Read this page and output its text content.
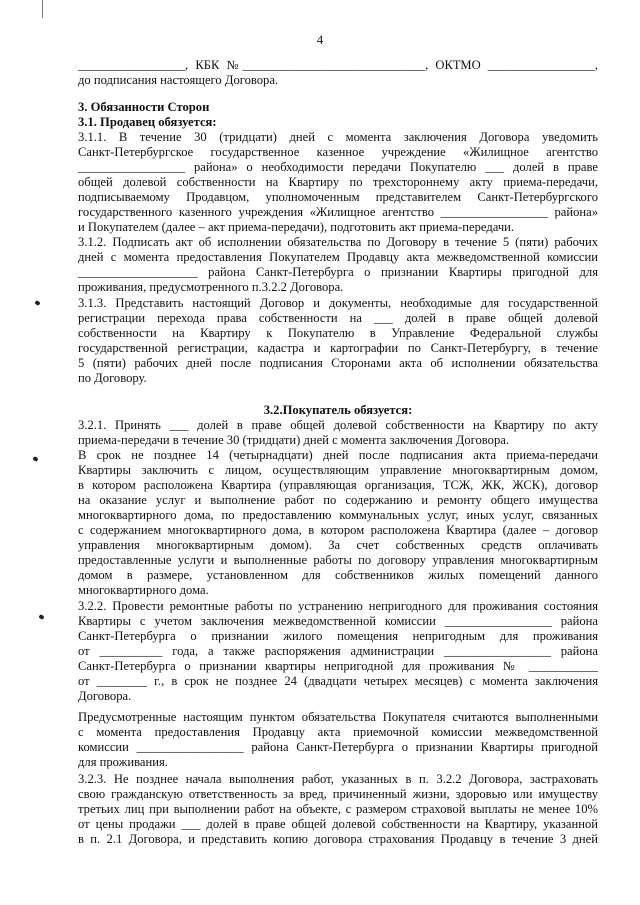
4
_________________, КБК №_____________________________, ОКТМО _________________,
до подписания настоящего Договора.
3. Обязанности Сторон
3.1. Продавец обязуется:
3.1.1. В течение 30 (тридцати) дней с момента заключения Договора уведомить
Санкт-Петербургское государственное казенное учреждение «Жилищное агентство
_________________ района» о необходимости передачи Покупателю ___ долей в праве
общей долевой собственности на Квартиру по трехстороннему акту приема-передачи,
подписываемому Продавцом, уполномоченным представителем Санкт-Петербургского
государственного казенного учреждения «Жилищное агентство _________________ района»
и Покупателем (далее – акт приема-передачи), подготовить акт приема-передачи.
3.1.2. Подписать акт об исполнении обязательства по Договору в течение 5 (пяти) рабочих
дней с момента предоставления Покупателем Продавцу акта межведомственной комиссии
___________________ района Санкт-Петербурга о признании Квартиры пригодной для
проживания, предусмотренного п.3.2.2 Договора.
3.1.3. Представить настоящий Договор и документы, необходимые для государственной
регистрации перехода права собственности на ___ долей в праве общей долевой
собственности на Квартиру к Покупателю в Управление Федеральной службы
государственной регистрации, кадастра и картографии по Санкт-Петербургу, в течение
5 (пяти) рабочих дней после подписания Сторонами акта об исполнении обязательства
по Договору.
3.2.Покупатель обязуется:
3.2.1. Принять ___ долей в праве общей долевой собственности на Квартиру по акту
приема-передачи в течение 30 (тридцати) дней с момента заключения Договора.
В срок не позднее 14 (четырнадцати) дней после подписания акта приема-передачи
Квартиры заключить с лицом, осуществляющим управление многоквартирным домом,
в котором расположена Квартира (управляющая организация, ТСЖ, ЖК, ЖСК), договор
на оказание услуг и выполнение работ по содержанию и ремонту общего имущества
многоквартирного дома, по предоставлению коммунальных услуг, иных услуг, связанных
с содержанием многоквартирного дома, в котором расположена Квартира (далее – договор
управления многоквартирным домом). За счет собственных средств оплачивать
предоставленные услуги и выполненные работы по договору управления многоквартирным
домом в размере, установленном для собственников жилых помещений данного
многоквартирного дома.
3.2.2. Провести ремонтные работы по устранению непригодного для проживания состояния
Квартиры с учетом заключения межведомственной комиссии _________________ района
Санкт-Петербурга о признании жилого помещения непригодным для проживания
от __________ года, а также распоряжения администрации _________________ района
Санкт-Петербурга о признании квартиры непригодной для проживания № ___________
от ________ г., в срок не позднее 24 (двадцати четырех месяцев) с момента заключения
Договора.
Предусмотренные настоящим пунктом обязательства Покупателя считаются выполненными
с момента предоставления Продавцу акта приемочной комиссии межведомственной
комиссии _________________ района Санкт-Петербурга о признании Квартиры пригодной
для проживания.
3.2.3. Не позднее начала выполнения работ, указанных в п. 3.2.2 Договора, застраховать
свою гражданскую ответственность за вред, причиненный жизни, здоровью или имуществу
третьих лиц при выполнении работ на объекте, с размером страховой выплаты не менее 10%
от цены продажи ___ долей в праве общей долевой собственности на Квартиру, указанной
в п. 2.1 Договора, и представить копию договора страхования Продавцу в течение 3 дней
